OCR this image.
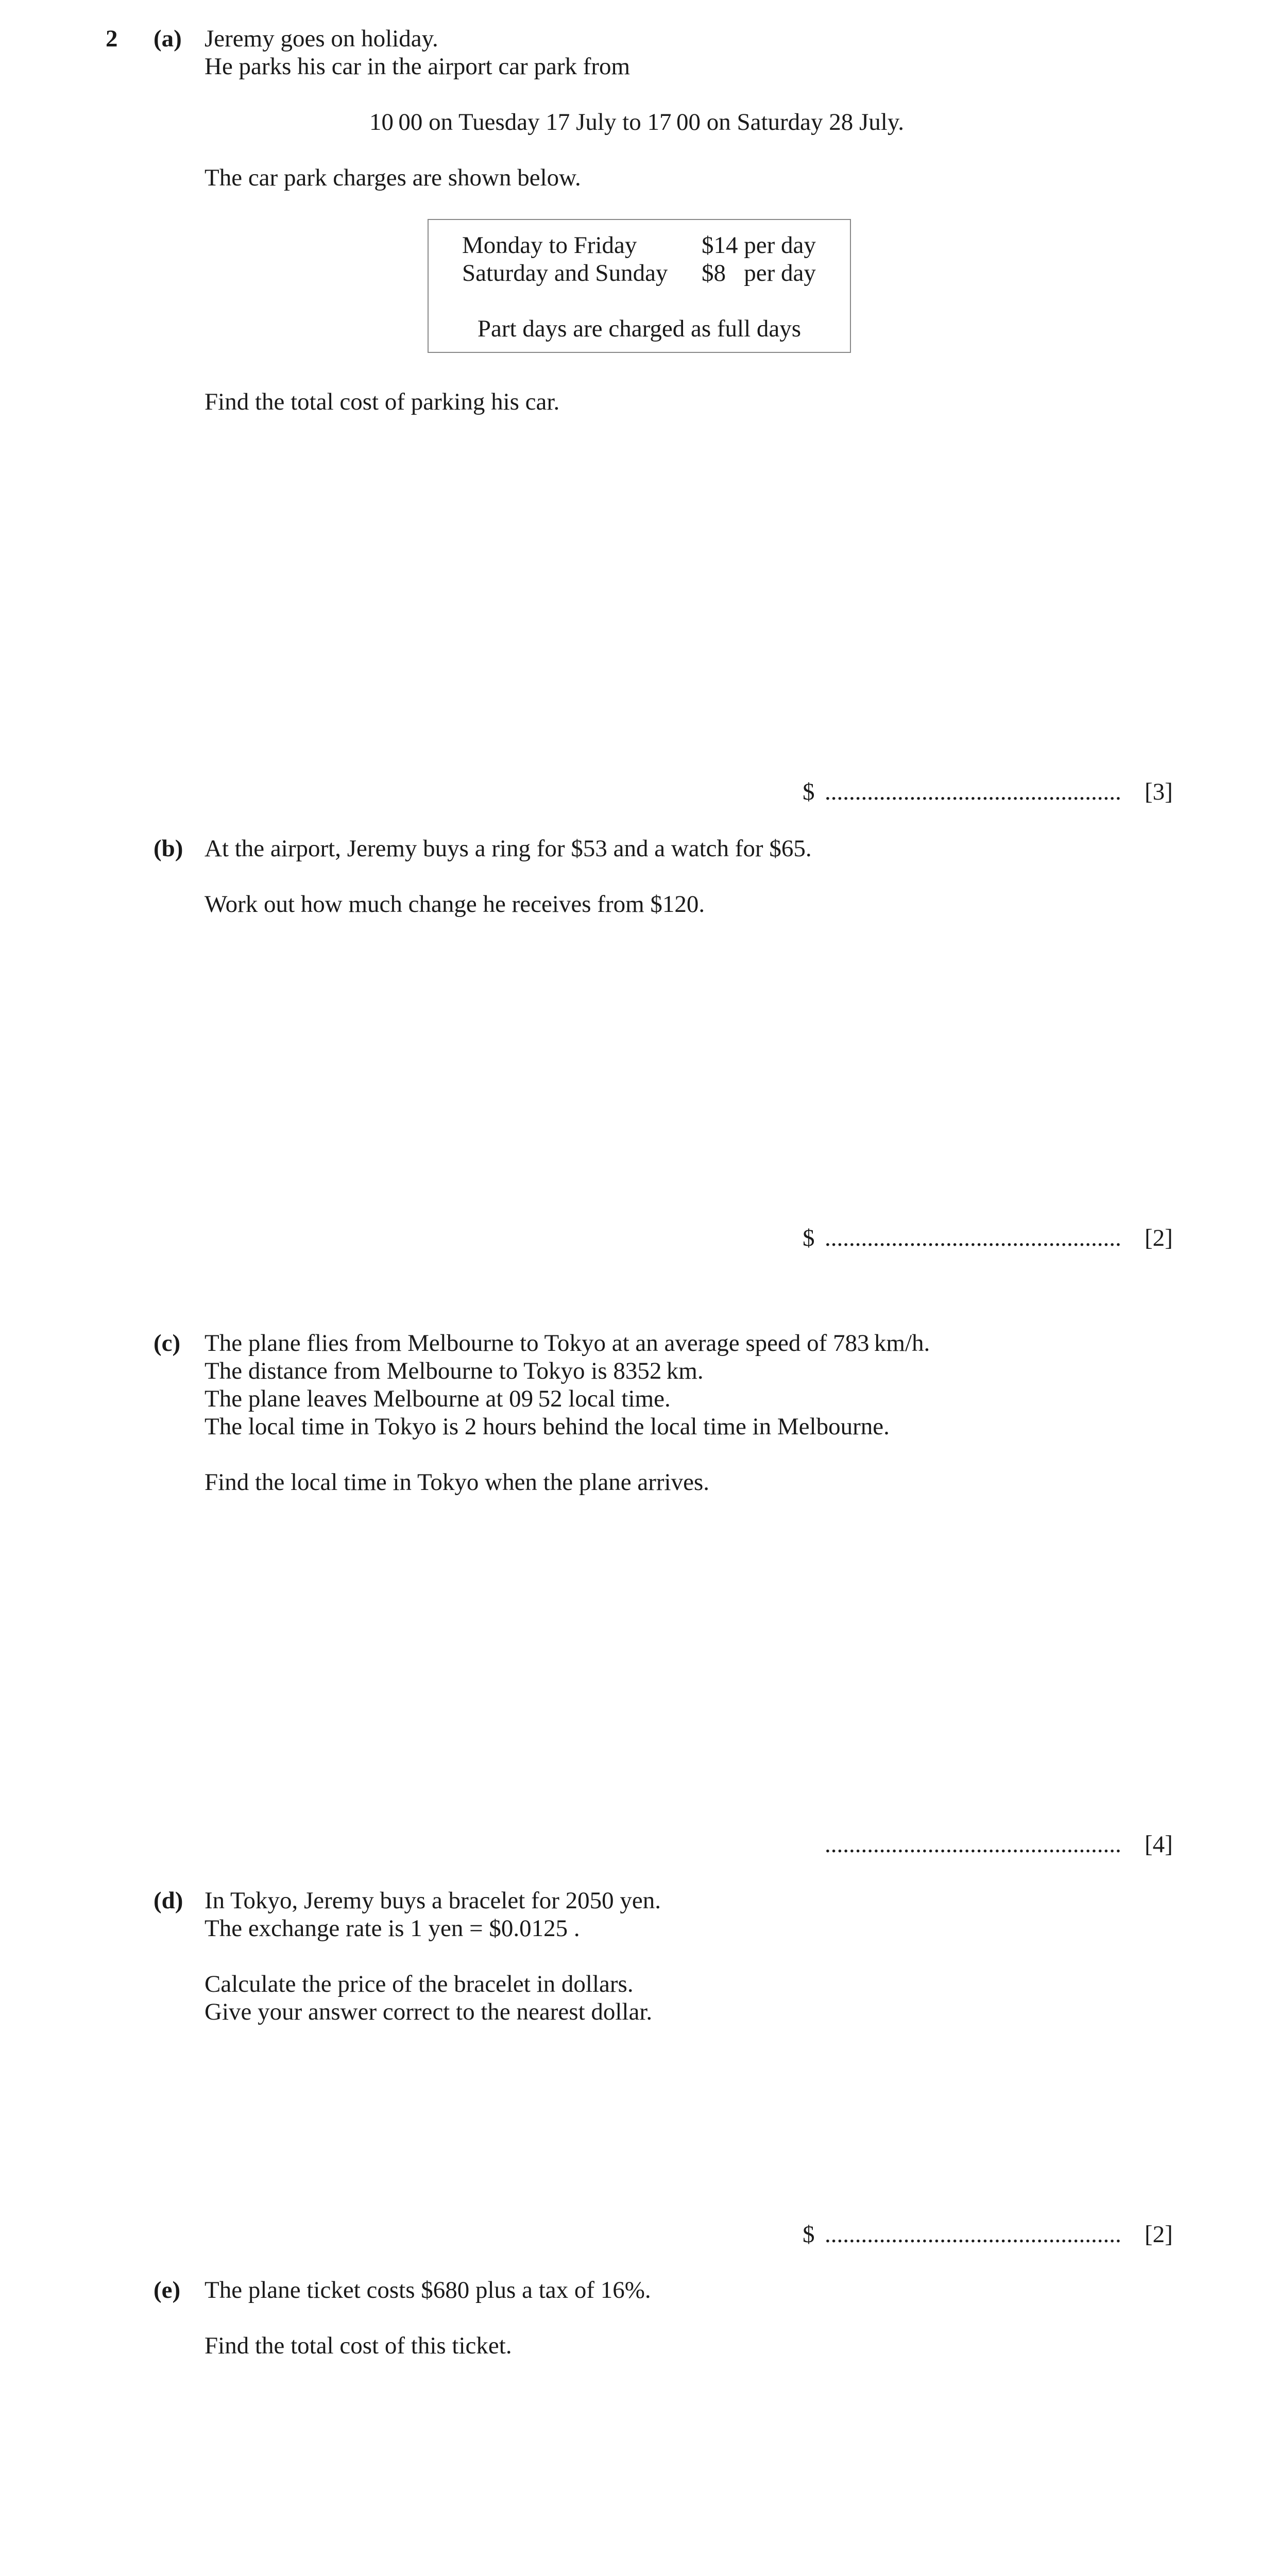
2 (a) Jeremy goes on holiday.
He parks his car in the airport car park from
10 00 on Tuesday 17 July to 17 00 on Saturday 28 July.
The car park charges are shown below.
Monday to Friday	$14 per day
Saturday and Sunday $8   per day
Part days are charged as full days
Find the total cost of parking his car.
$ ................................................. [3]
(b) At the airport, Jeremy buys a ring for $53 and a watch for $65.
Work out how much change he receives from $120.
$ ................................................. [2]
(c) The plane flies from Melbourne to Tokyo at an average speed of 783 km/h.
The distance from Melbourne to Tokyo is 8352 km.
The plane leaves Melbourne at 09 52 local time.
The local time in Tokyo is 2 hours behind the local time in Melbourne.
Find the local time in Tokyo when the plane arrives.
................................................. [4]
(d) In Tokyo, Jeremy buys a bracelet for 2050 yen.
The exchange rate is 1 yen = $0.0125 .
Calculate the price of the bracelet in dollars.
Give your answer correct to the nearest dollar.
$ ................................................. [2]
(e) The plane ticket costs $680 plus a tax of 16%.
Find the total cost of this ticket.
